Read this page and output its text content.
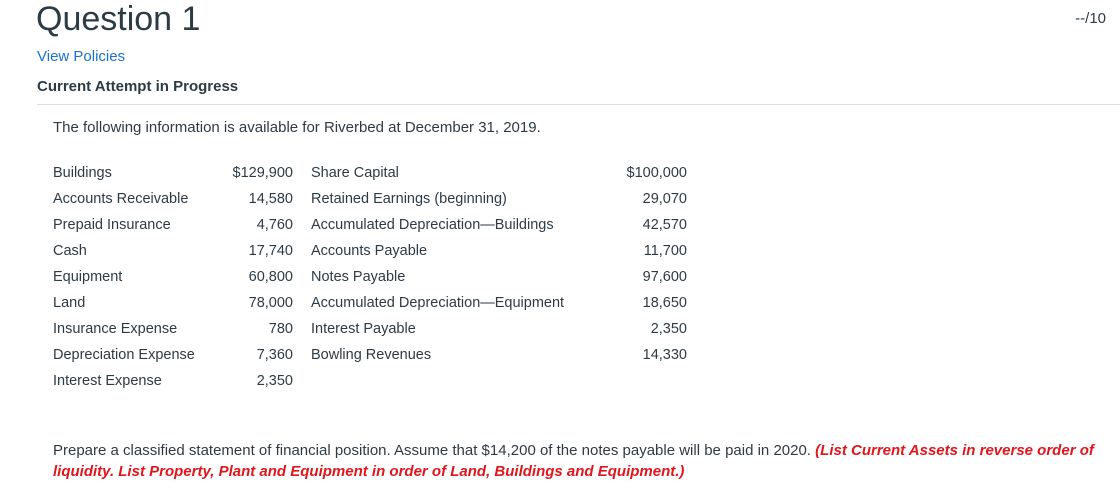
Question 1	--/10
View Policies
Current Attempt in Progress
The following information is available for Riverbed at December 31, 2019.
Buildings	$129,900	Share Capital	$100,000
Accounts Receivable	14,580	Retained Earnings (beginning)	29,070
Prepaid Insurance	4,760	Accumulated Depreciation—Buildings	42,570
Cash	17,740	Accounts Payable	11,700
Equipment	60,800	Notes Payable	97,600
Land	78,000	Accumulated Depreciation—Equipment	18,650
Insurance Expense	780	Interest Payable	2,350
Depreciation Expense	7,360	Bowling Revenues	14,330
Interest Expense	2,350		
Prepare a classified statement of financial position. Assume that $14,200 of the notes payable will be paid in 2020. (List Current Assets in reverse order of liquidity. List Property, Plant and Equipment in order of Land, Buildings and Equipment.)
